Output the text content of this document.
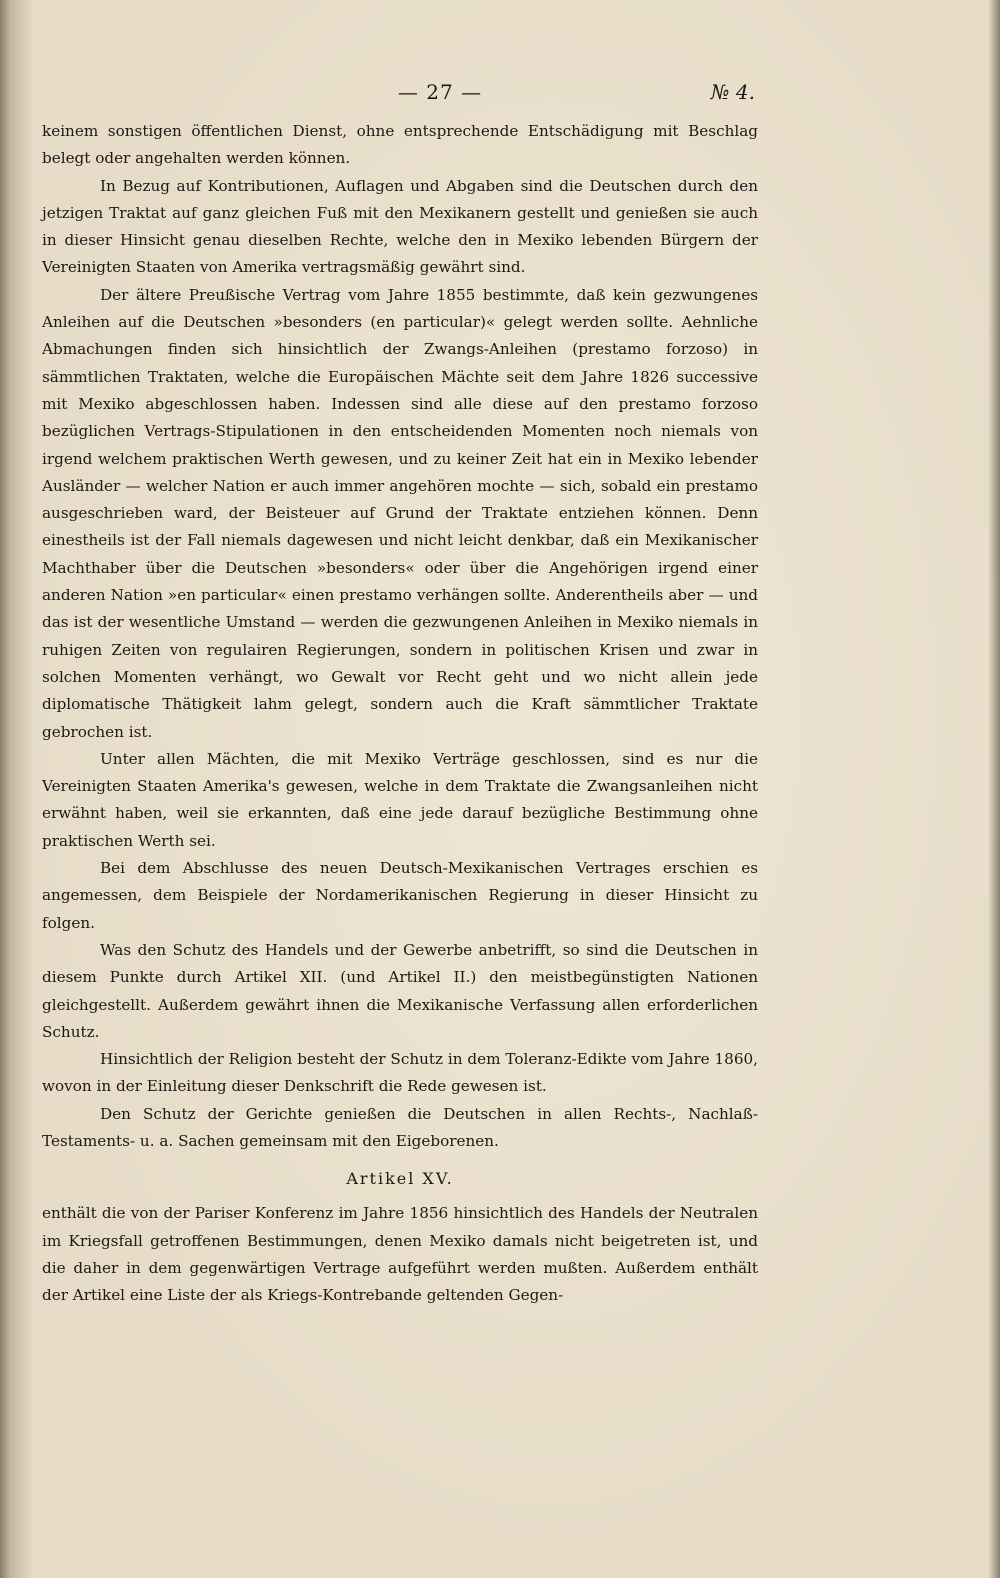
— 27 —	№ 4.

keinem sonstigen öffentlichen Dienst, ohne entsprechende Entschädigung mit Beschlag belegt oder angehalten werden können.

In Bezug auf Kontributionen, Auflagen und Abgaben sind die Deutschen durch den jetzigen Traktat auf ganz gleichen Fuß mit den Mexikanern gestellt und genießen sie auch in dieser Hinsicht genau dieselben Rechte, welche den in Mexiko lebenden Bürgern der Vereinigten Staaten von Amerika vertragsmäßig gewährt sind.

Der ältere Preußische Vertrag vom Jahre 1855 bestimmte, daß kein gezwungenes Anleihen auf die Deutschen »besonders (en particular)« gelegt werden sollte. Aehnliche Abmachungen finden sich hinsichtlich der Zwangs-Anleihen (prestamo forzoso) in sämmtlichen Traktaten, welche die Europäischen Mächte seit dem Jahre 1826 successive mit Mexiko abgeschlossen haben. Indessen sind alle diese auf den prestamo forzoso bezüglichen Vertrags-Stipulationen in den entscheidenden Momenten noch niemals von irgend welchem praktischen Werth gewesen, und zu keiner Zeit hat ein in Mexiko lebender Ausländer — welcher Nation er auch immer angehören mochte — sich, sobald ein prestamo ausgeschrieben ward, der Beisteuer auf Grund der Traktate entziehen können. Denn einestheils ist der Fall niemals dagewesen und nicht leicht denkbar, daß ein Mexikanischer Machthaber über die Deutschen »besonders« oder über die Angehörigen irgend einer anderen Nation »en particular« einen prestamo verhängen sollte. Anderentheils aber — und das ist der wesentliche Umstand — werden die gezwungenen Anleihen in Mexiko niemals in ruhigen Zeiten von regulairen Regierungen, sondern in politischen Krisen und zwar in solchen Momenten verhängt, wo Gewalt vor Recht geht und wo nicht allein jede diplomatische Thätigkeit lahm gelegt, sondern auch die Kraft sämmtlicher Traktate gebrochen ist.

Unter allen Mächten, die mit Mexiko Verträge geschlossen, sind es nur die Vereinigten Staaten Amerika's gewesen, welche in dem Traktate die Zwangsanleihen nicht erwähnt haben, weil sie erkannten, daß eine jede darauf bezügliche Bestimmung ohne praktischen Werth sei.

Bei dem Abschlusse des neuen Deutsch-Mexikanischen Vertrages erschien es angemessen, dem Beispiele der Nordamerikanischen Regierung in dieser Hinsicht zu folgen.

Was den Schutz des Handels und der Gewerbe anbetrifft, so sind die Deutschen in diesem Punkte durch Artikel XII. (und Artikel II.) den meistbegünstigten Nationen gleichgestellt. Außerdem gewährt ihnen die Mexikanische Verfassung allen erforderlichen Schutz.

Hinsichtlich der Religion besteht der Schutz in dem Toleranz-Edikte vom Jahre 1860, wovon in der Einleitung dieser Denkschrift die Rede gewesen ist.

Den Schutz der Gerichte genießen die Deutschen in allen Rechts-, Nachlaß-Testaments- u. a. Sachen gemeinsam mit den Eigeborenen.

Artikel XV.

enthält die von der Pariser Konferenz im Jahre 1856 hinsichtlich des Handels der Neutralen im Kriegsfall getroffenen Bestimmungen, denen Mexiko damals nicht beigetreten ist, und die daher in dem gegenwärtigen Vertrage aufgeführt werden mußten. Außerdem enthält der Artikel eine Liste der als Kriegs-Kontrebande geltenden Gegen-
